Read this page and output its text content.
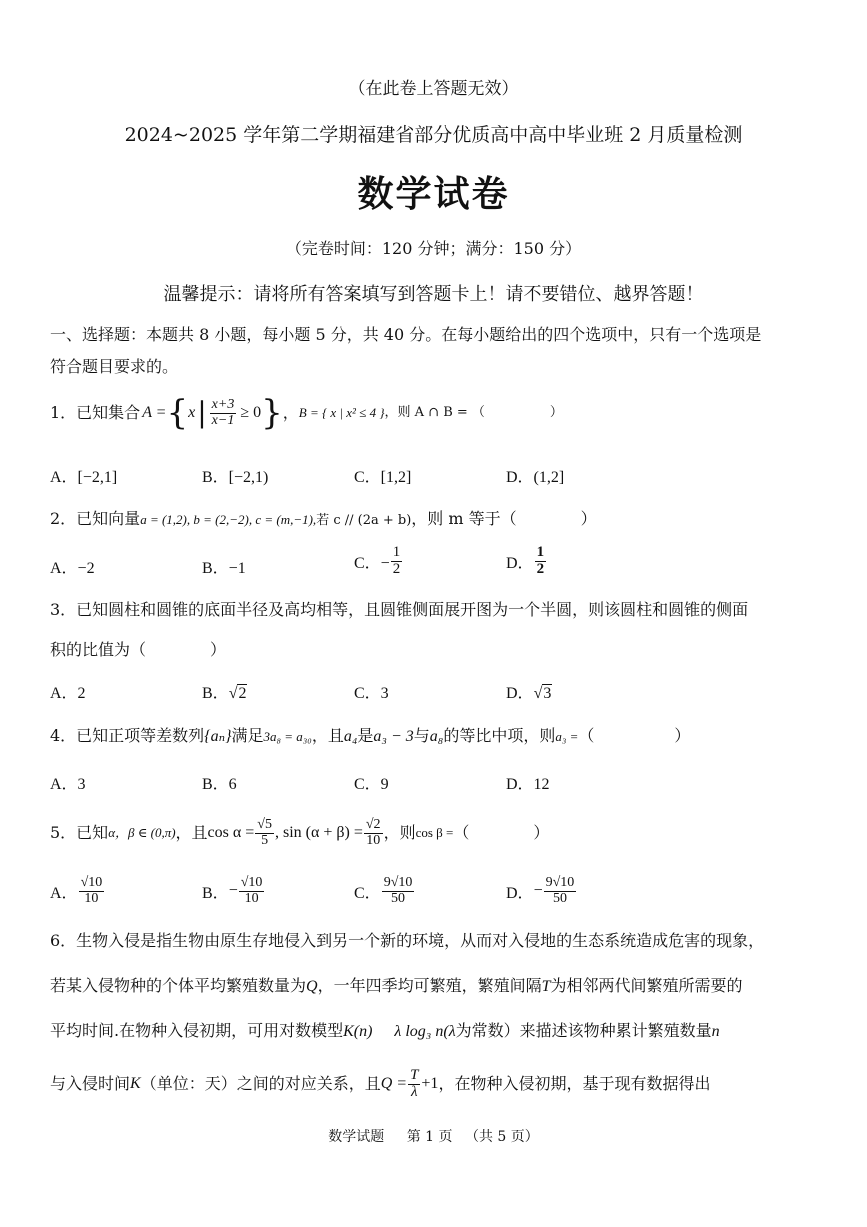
（在此卷上答题无效）
2024~2025 学年第二学期福建省部分优质高中高中毕业班 2 月质量检测
数学试卷
（完卷时间：120 分钟；满分：150 分）
温馨提示：请将所有答案填写到答题卡上！请不要错位、越界答题！
一、选择题：本题共 8 小题，每小题 5 分，共 40 分。在每小题给出的四个选项中，只有一个选项是
符合题目要求的。
1．已知集合 A = { x | $\frac{x+3}{x-1} \ge 0$ } ， B = { x | x² ≤ 4 } ，则 A ∩ B = （　　　　　）
A．[−2,1]	B．[−2,1)	C．[1,2]	D．(1,2]
2．已知向量a = (1,2), b = (2,−2), c = (m,−1),若 c // (2a + b)，则 m 等于（　　　　）
A．−2	B．−1	C．− $\frac{1}{2}$	D． $\frac{1}{2}$
3．已知圆柱和圆锥的底面半径及高均相等，且圆锥侧面展开图为一个半圆，则该圆柱和圆锥的侧面
积的比值为（　　　　）
A．2	B．√2	C．3	D．√3
4．已知正项等差数列{aₙ}满足3a₈ = a₃₀，且a₄是a₃ − 3与a₈的等比中项，则a₃ =（　　　　　）
A．3	B．6	C．9	D．12
5．已知 α，β ∈ (0,π) ，且 $\cos \alpha = \frac{√5}{5}$ , $\sin (\alpha + \beta) = \frac{√2}{10}$ ，则 cos β = （　　　　）
A． $\frac{√10}{10}$	B． − $\frac{√10}{10}$	C． $\frac{9√10}{50}$	D． − $\frac{9√10}{50}$
6．生物入侵是指生物由原生存地侵入到另一个新的环境，从而对入侵地的生态系统造成危害的现象，
若某入侵物种的个体平均繁殖数量为Q，一年四季均可繁殖，繁殖间隔T为相邻两代间繁殖所需要的
平均时间.在物种入侵初期，可用对数模型K(n) λ log₃ n(λ为常数）来描述该物种累计繁殖数量n
与入侵时间 K （单位：天）之间的对应关系，且 $Q = \frac{T}{\lambda} +1$ ，在物种入侵初期，基于现有数据得出
数学试题 第 1 页 （共 5 页）
